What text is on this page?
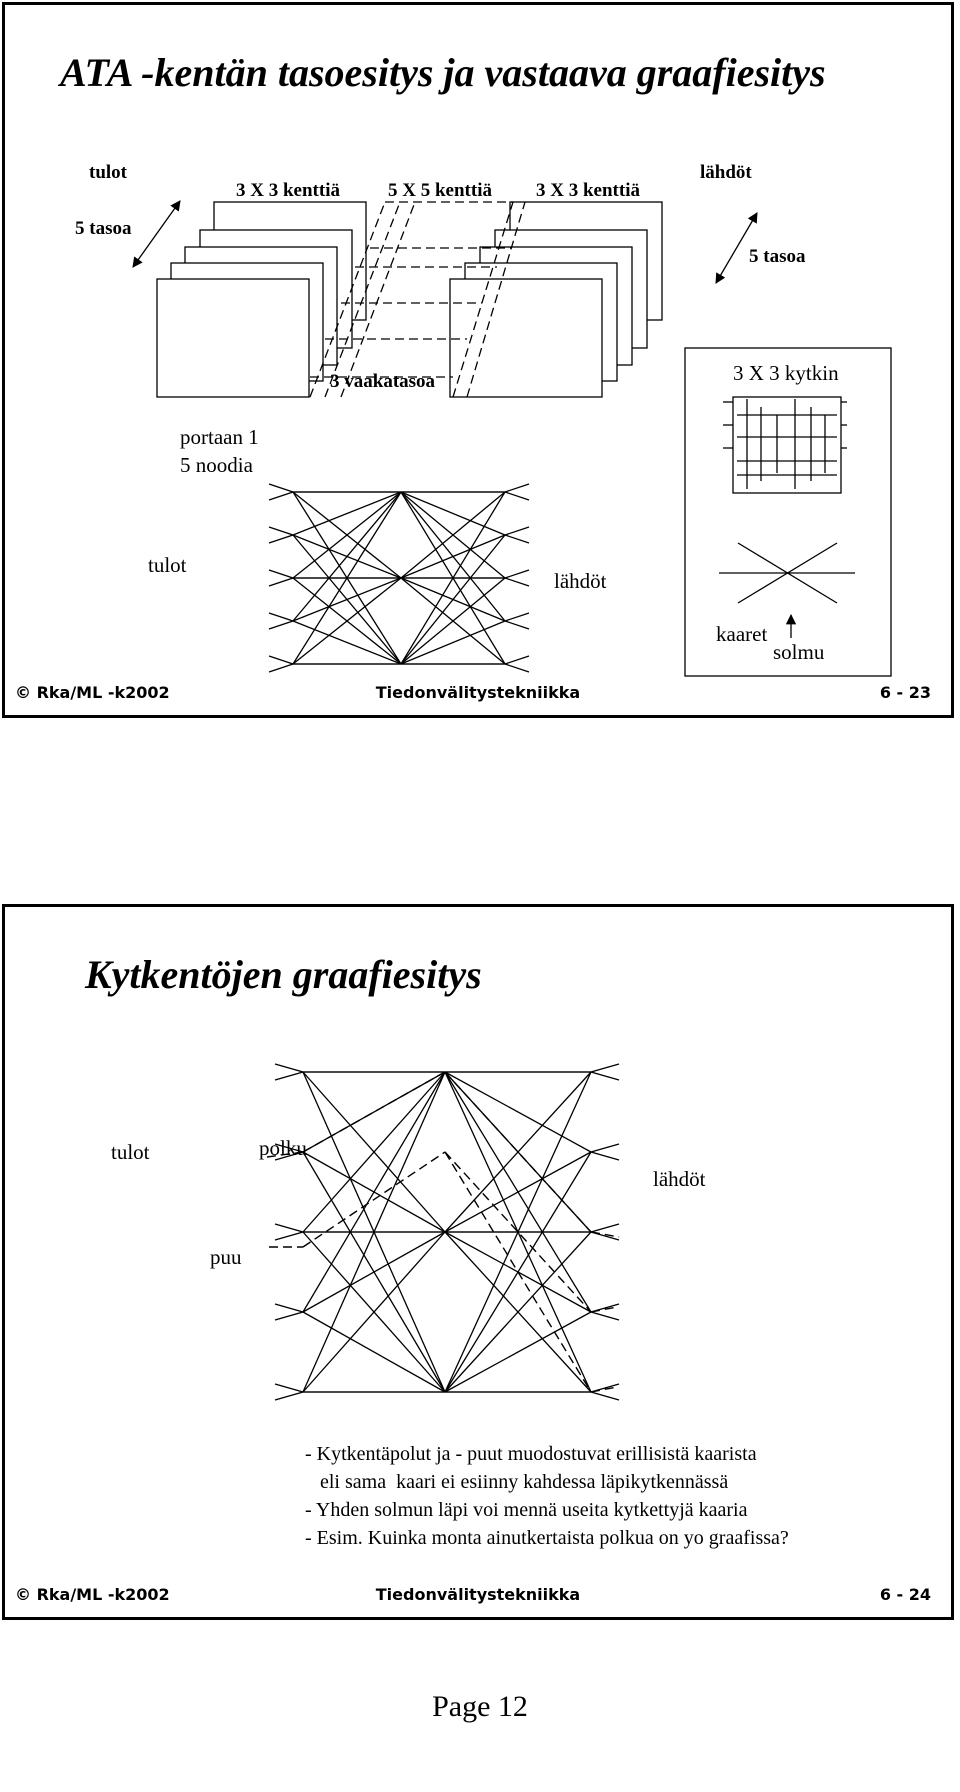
ATA -kentän tasoesitys ja vastaava graafiesitys
tulot
5 tasoa
3 X 3 kenttiä	5 X 5 kenttiä 3 X 3 kenttiä
lähdöt
5 tasoa
3 vaakatasoa	3 X 3 kytkin
portaan 1
5 noodia
tulot
lähdöt
kaaret
solmu
© Rka/ML -k2002	Tiedonvälitystekniikka	6 - 23
Kytkentöjen graafiesitys
tulot	polku
lähdöt
puu
- Kytkentäpolut ja - puut muodostuvat erillisistä kaarista
eli sama  kaari ei esiinny kahdessa läpikytkennässä
- Yhden solmun läpi voi mennä useita kytkettyjä kaaria
- Esim. Kuinka monta ainutkertaista polkua on yo graafissa?
© Rka/ML -k2002	Tiedonvälitystekniikka	6 - 24
Page 12
